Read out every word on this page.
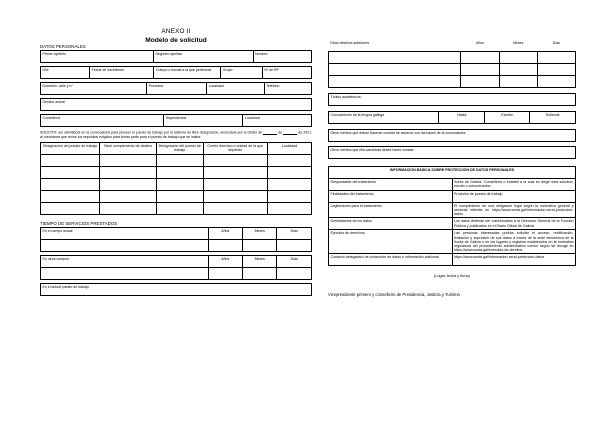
ANEXO II
Modelo de solicitud
DATOS PERSONALES
Primer apellido	Segundo apellido	Nombre
DNI	Fecha de nacimiento	Cuerpo o escala a la que pertenece	Grupo	Nº de RP
Domicilio, calle y nº	Provincia	Localidad	Teléfono
Destino actual
Consellería	Dependencia	Localidad
SOLICITO: ser admitido/a en la convocatoria para proveer el puesto de trabajo por el sistema de libre designación, anunciada por la Orden de	de	de 2021, al considerar que reúne los requisitos exigidos para tomar parte para el puesto de trabajo que se indica:
Designación del puesto de trabajo	Nivel complemento de destino	Designación del puesto de trabajo	Centro directivo o unidad de la que depende	Localidad

TIEMPO DE SERVICIOS PRESTADOS
En el cuerpo actual	Años	Meses	Días

En otros cuerpos	Años	Meses	Días

En el actual puesto de trabajo
Otros destinos anteriores	Años	Meses	Días

Títulos académicos:
Conocimiento de la lengua gallega	Habla	Escribe	Entiende
Otros méritos que deban hacerse constar de acuerdo con las bases de la convocatoria:
Otros méritos que ella candidata desee hacer constar:
INFORMACIÓN BÁSICA SOBRE PROTECCIÓN DE DATOS PERSONALES	
Responsable del tratamiento	Xunta de Galicia. Consellería o entidad a la cual se dirige esta solicitud, escrito o comunicación
Finalidades del tratamiento	Provisión de puesto de trabajo
Legitimación para el tratamiento	El cumplimiento de una obligación legal según la normativa general y sectorial referida en https://www.xunta.gal/informacion-xeral-proteccion-datos
Destinatarios de los datos	Los datos deberán ser comunicados a la Dirección General de la Función Pública y publicados en el Diario Oficial de Galicia
Ejercicio de derechos	Las personas interesadas podrán solicitar el acceso, rectificación, limitación y supresión de sus datos a través de la sede electrónica de la Xunta de Galicia o en los lugares y registros establecidos en la normativa reguladora del procedimiento administrativo común según se recoge en https://www.xunta.gal/exercicio-de-dereitos
Contacto delegada/o de protección de datos e información adicional	https://www.xunta.gal/informacion-xeral-proteccion-datos
(Lugar, fecha y firma)
Vicepresidente primero y conselleiro de Presidencia, Justicia y Turismo
